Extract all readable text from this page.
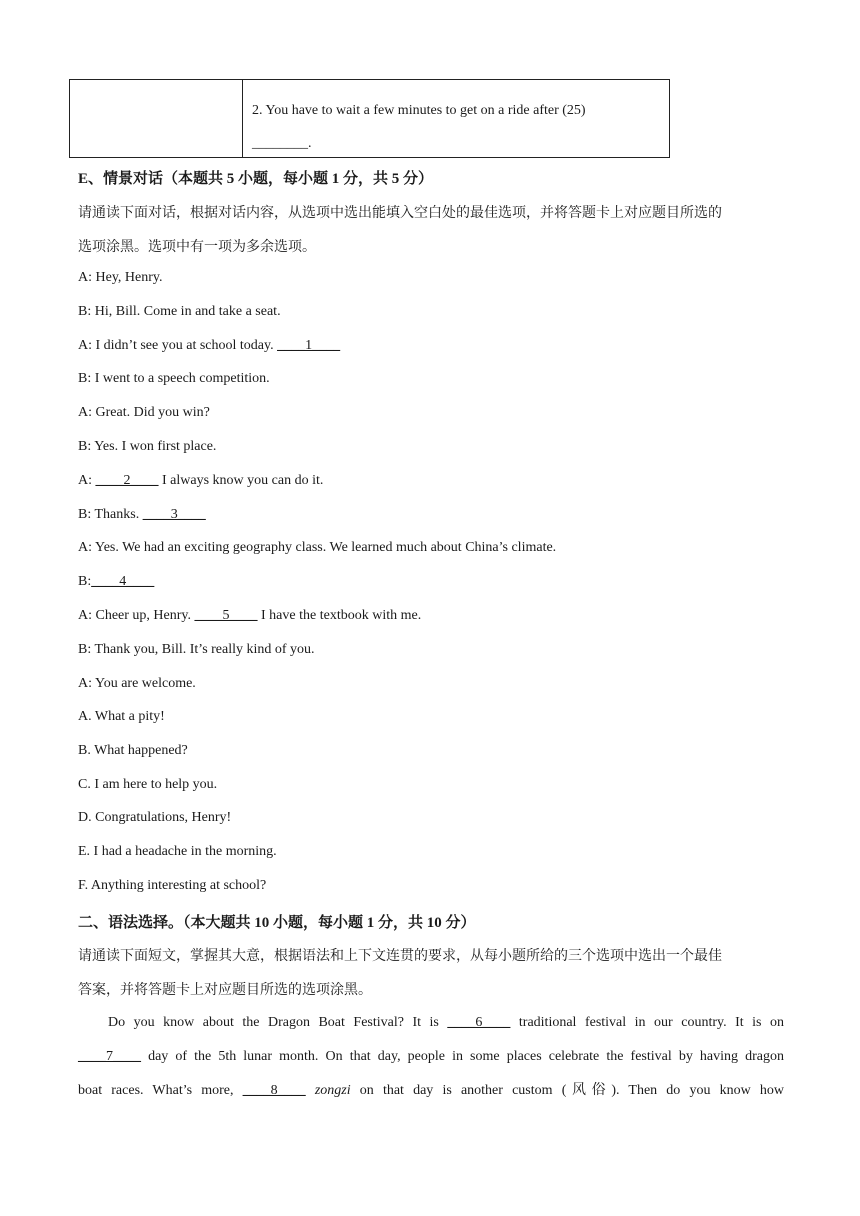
2. You have to wait a few minutes to get on a ride after (25)
________.
E、情景对话（本题共 5 小题，每小题 1 分，共 5 分）
请通读下面对话，根据对话内容，从选项中选出能填入空白处的最佳选项，并将答题卡上对应题目所选的
选项涂黑。选项中有一项为多余选项。
A: Hey, Henry.
B: Hi, Bill. Come in and take a seat.
A: I didn’t see you at school today. ____1____
B: I went to a speech competition.
A: Great. Did you win?
B: Yes. I won first place.
A: ____2____ I always know you can do it.
B: Thanks. ____3____
A: Yes. We had an exciting geography class. We learned much about China’s climate.
B:____4____
A: Cheer up, Henry. ____5____ I have the textbook with me.
B: Thank you, Bill. It’s really kind of you.
A: You are welcome.
A. What a pity!
B. What happened?
C. I am here to help you.
D. Congratulations, Henry!
E. I had a headache in the morning.
F. Anything interesting at school?
二、语法选择。（本大题共 10 小题，每小题 1 分，共 10 分）
请通读下面短文，掌握其大意，根据语法和上下文连贯的要求，从每小题所给的三个选项中选出一个最佳
答案，并将答题卡上对应题目所选的选项涂黑。
Do you know about the Dragon Boat Festival? It is ____6____ traditional festival in our country. It is on
____7____ day of the 5th lunar month. On that day, people in some places celebrate the festival by having dragon
boat races. What’s more, ____8____ zongzi on that day is another custom (风俗). Then do you know how
